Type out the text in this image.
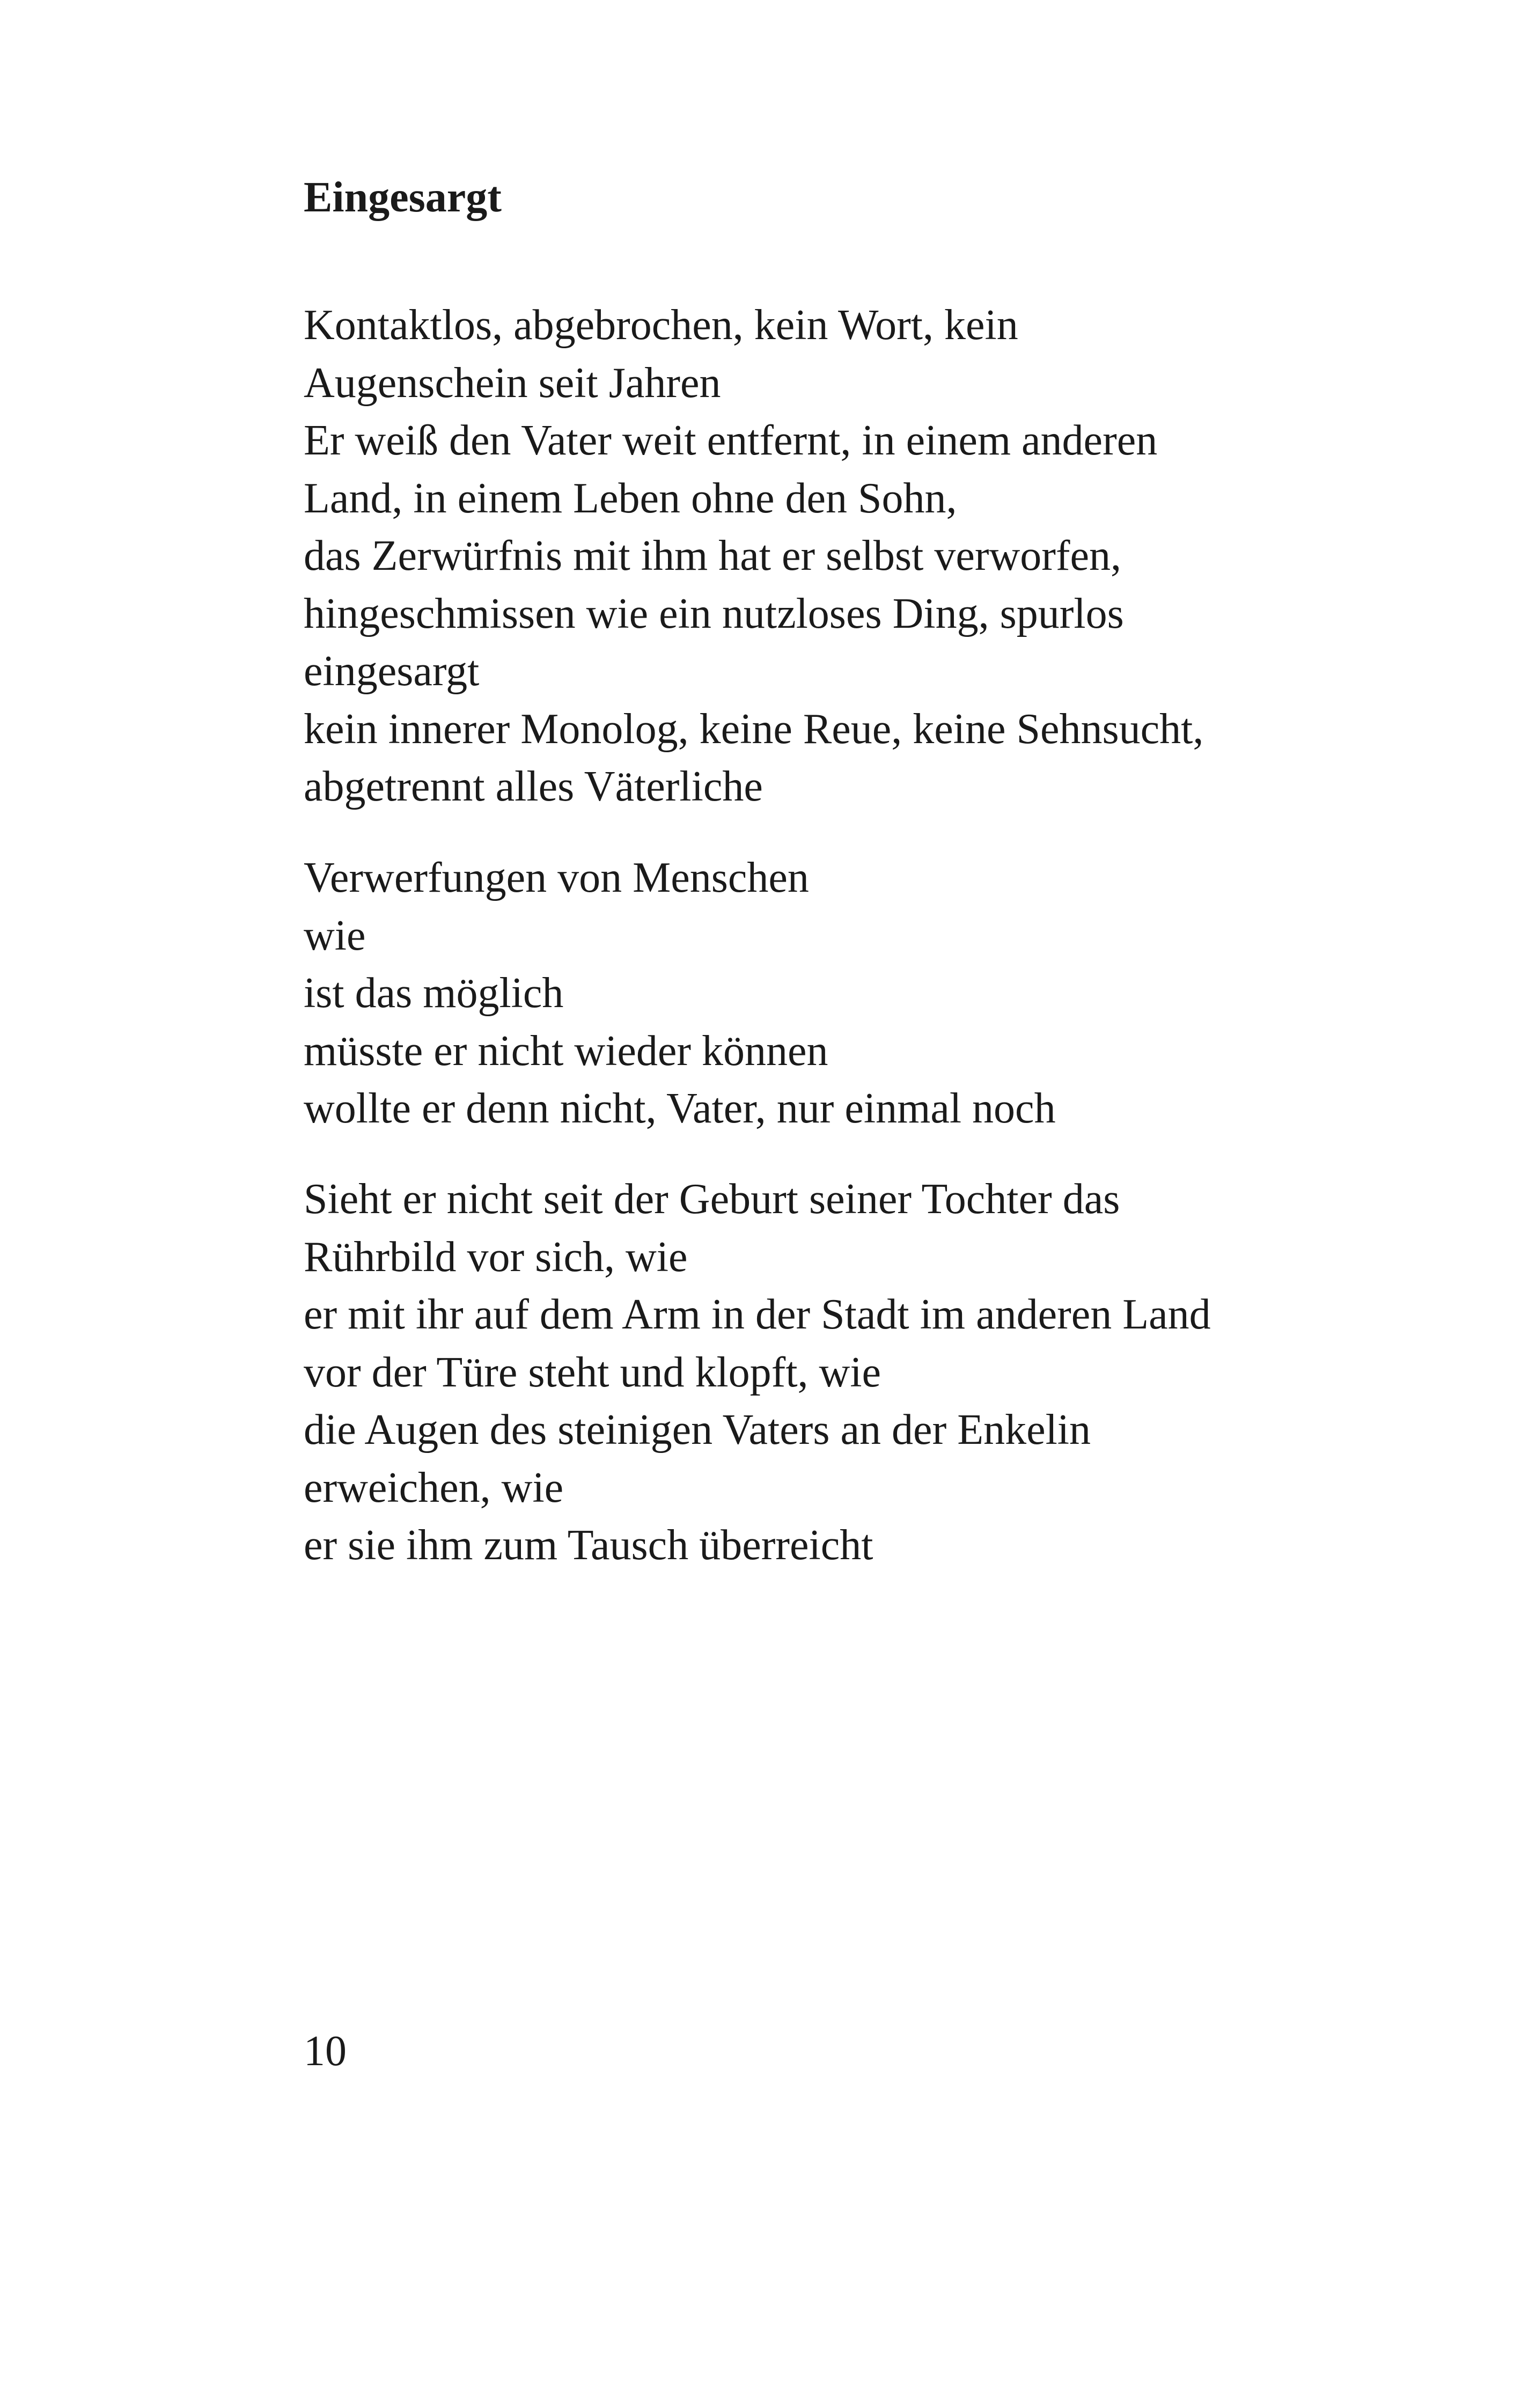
Eingesargt
Kontaktlos, abgebrochen, kein Wort, kein
Augenschein seit Jahren
Er weiß den Vater weit entfernt, in einem anderen
Land, in einem Leben ohne den Sohn,
das Zerwürfnis mit ihm hat er selbst verworfen,
hingeschmissen wie ein nutzloses Ding, spurlos
eingesargt
kein innerer Monolog, keine Reue, keine Sehnsucht,
abgetrennt alles Väterliche
Verwerfungen von Menschen
wie
ist das möglich
müsste er nicht wieder können
wollte er denn nicht, Vater, nur einmal noch
Sieht er nicht seit der Geburt seiner Tochter das
Rührbild vor sich, wie
er mit ihr auf dem Arm in der Stadt im anderen Land
vor der Türe steht und klopft, wie
die Augen des steinigen Vaters an der Enkelin
erweichen, wie
er sie ihm zum Tausch überreicht
10
